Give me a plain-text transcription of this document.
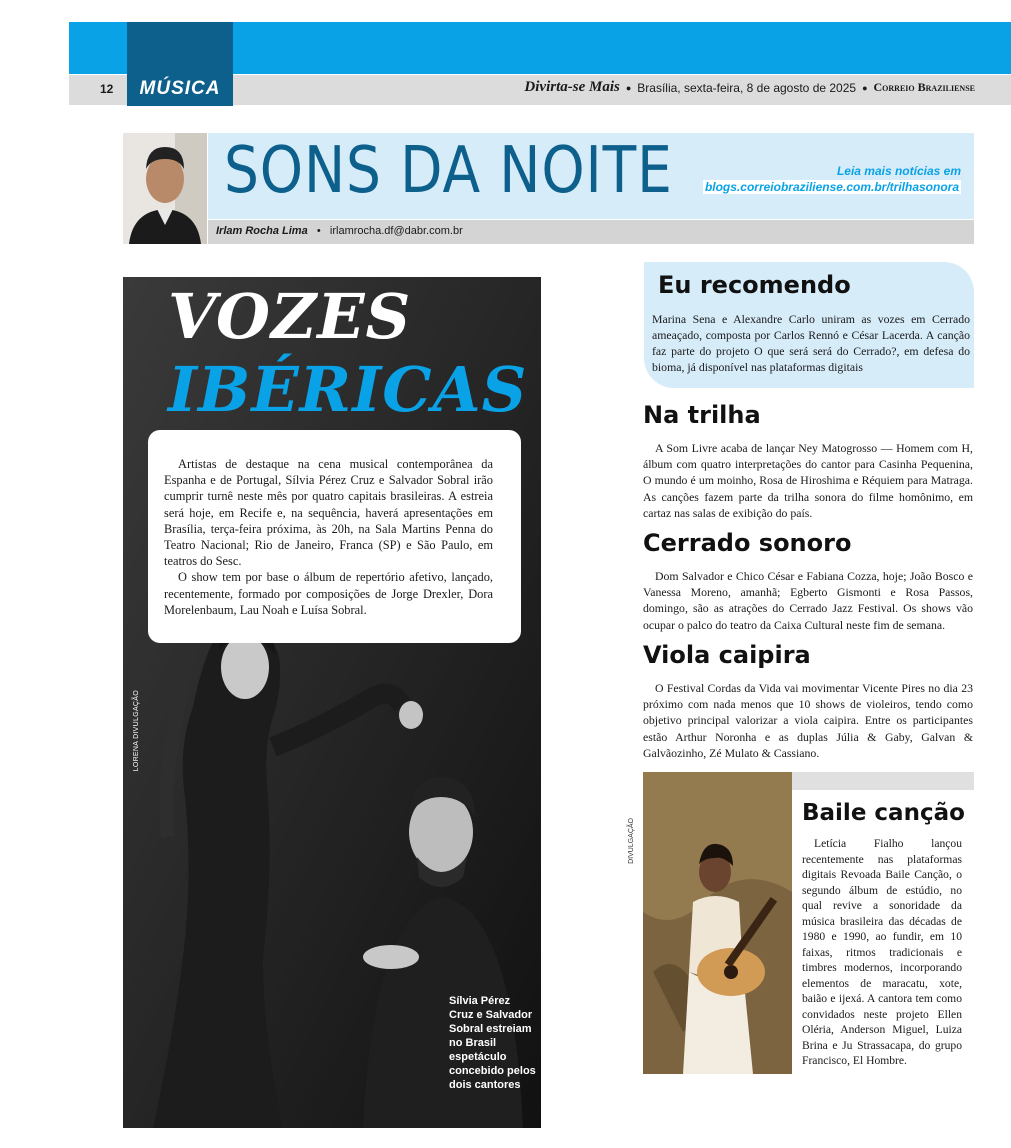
MÚSICA
12	Divirta-se Mais ● Brasília, sexta-feira, 8 de agosto de 2025 ● Correio Braziliense
SONS DA NOITE	Leia mais notícias em
blogs.correiobraziliense.com.br/trilhasonora
Irlam Rocha Lima • irlamrocha.df@dabr.com.br
VOZES
IBÉRICAS

Artistas de destaque na cena musical contemporânea da Espanha e de Portugal, Sílvia Pérez Cruz e Salvador Sobral irão cumprir turnê neste mês por quatro capitais brasileiras. A estreia será hoje, em Recife e, na sequência, haverá apresentações em Brasília, terça-feira próxima, às 20h, na Sala Martins Penna do Teatro Nacional; Rio de Janeiro, Franca (SP) e São Paulo, em teatros do Sesc.

O show tem por base o álbum de repertório afetivo, lançado, recentemente, formado por composições de Jorge Drexler, Dora Morelenbaum, Lau Noah e Luísa Sobral.

LORENA DIVULGAÇÃO
Sílvia Pérez Cruz e Salvador Sobral estreiam no Brasil espetáculo concebido pelos dois cantores
Eu recomendo
Marina Sena e Alexandre Carlo uniram as vozes em Cerrado ameaçado, composta por Carlos Rennó e César Lacerda. A canção faz parte do projeto O que será será do Cerrado?, em defesa do bioma, já disponível nas plataformas digitais
Na trilha

A Som Livre acaba de lançar Ney Matogrosso — Homem com H, álbum com quatro interpretações do cantor para Casinha Pequenina, O mundo é um moinho, Rosa de Hiroshima e Réquiem para Matraga. As canções fazem parte da trilha sonora do filme homônimo, em cartaz nas salas de exibição do país.

Cerrado sonoro

Dom Salvador e Chico César e Fabiana Cozza, hoje; João Bosco e Vanessa Moreno, amanhã; Egberto Gismonti e Rosa Passos, domingo, são as atrações do Cerrado Jazz Festival. Os shows vão ocupar o palco do teatro da Caixa Cultural neste fim de semana.

Viola caipira

O Festival Cordas da Vida vai movimentar Vicente Pires no dia 23 próximo com nada menos que 10 shows de violeiros, tendo como objetivo principal valorizar a viola caipira. Entre os participantes estão Arthur Noronha e as duplas Júlia & Gaby, Galvan & Galvãozinho, Zé Mulato & Cassiano.

DIVULGAÇÃO
Baile canção

Letícia Fialho lançou recentemente nas plataformas digitais Revoada Baile Canção, o segundo álbum de estúdio, no qual revive a sonoridade da música brasileira das décadas de 1980 e 1990, ao fundir, em 10 faixas, ritmos tradicionais e timbres modernos, incorporando elementos de maracatu, xote, baião e ijexá. A cantora tem como convidados neste projeto Ellen Oléria, Anderson Miguel, Luiza Brina e Ju Strassacapa, do grupo Francisco, El Hombre.
